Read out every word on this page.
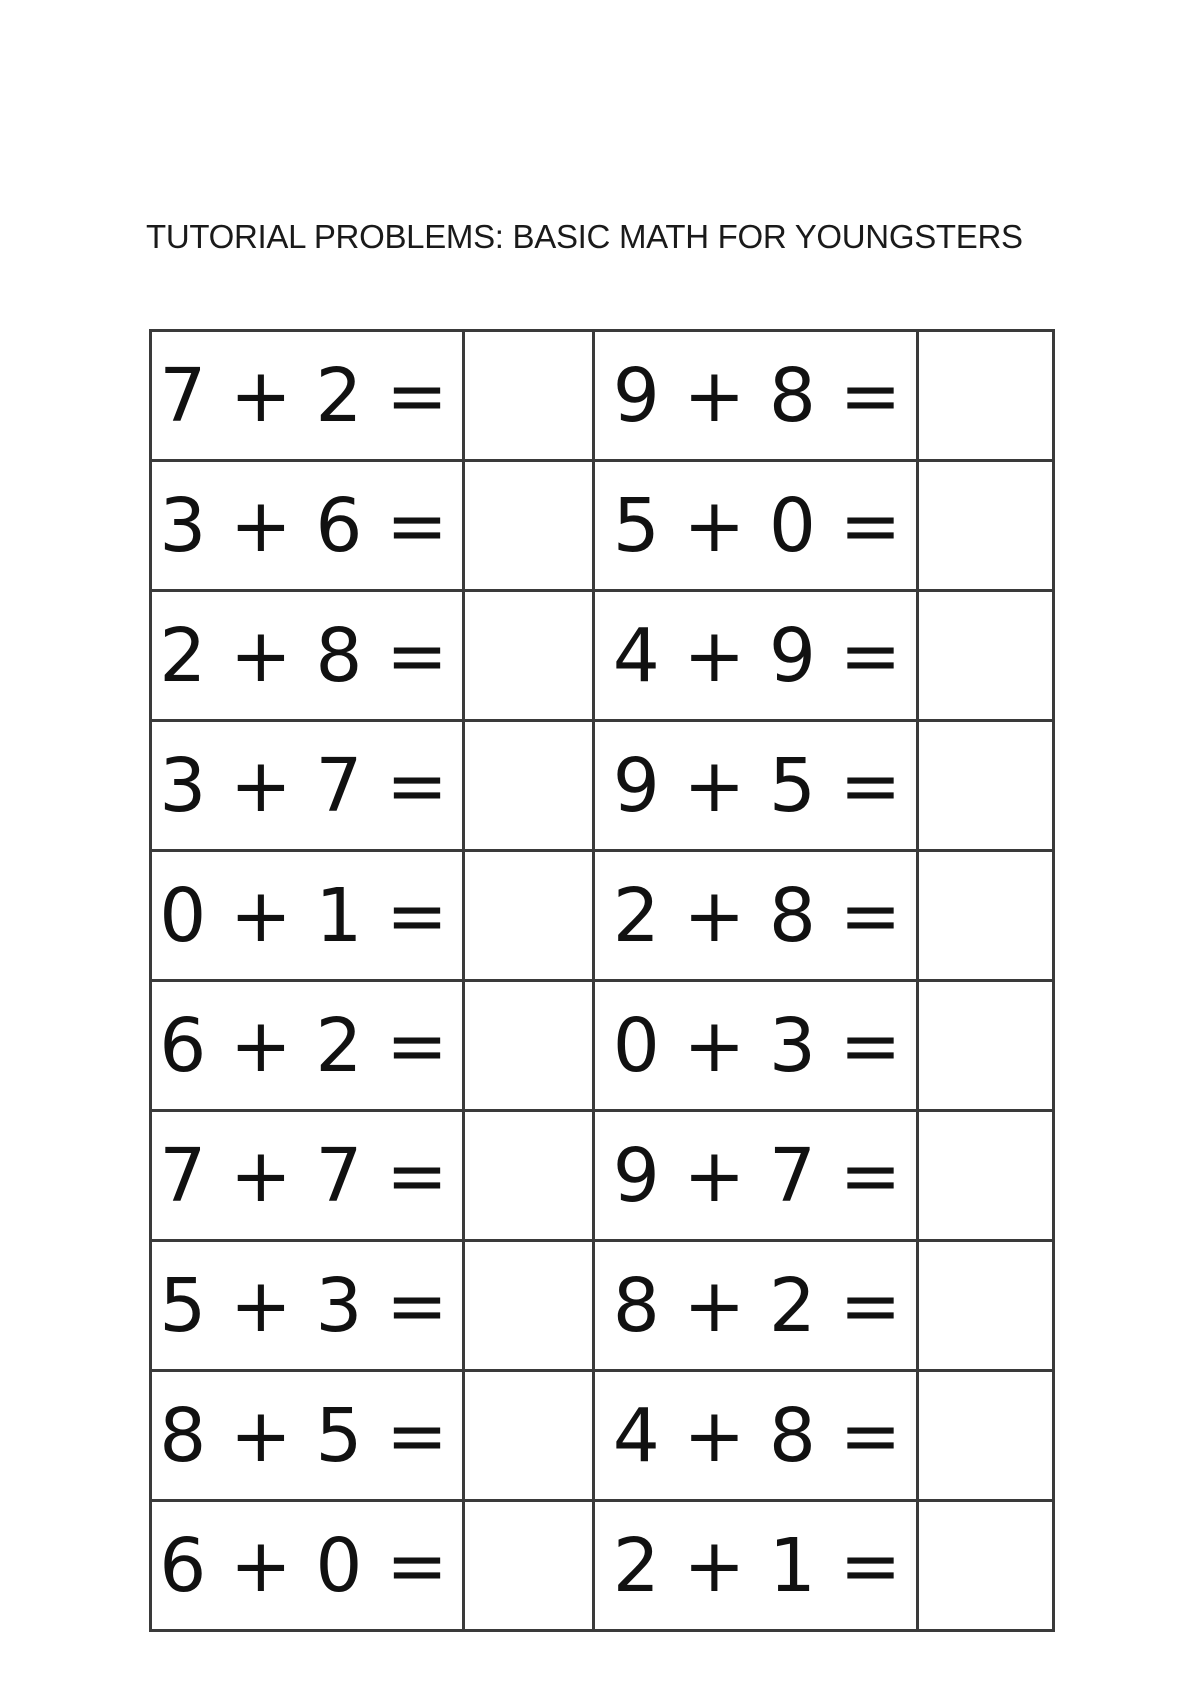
TUTORIAL PROBLEMS: BASIC MATH FOR YOUNGSTERS
7 + 2 =		9 + 8 =	
3 + 6 =		5 + 0 =	
2 + 8 =		4 + 9 =	
3 + 7 =		9 + 5 =	
0 + 1 =		2 + 8 =	
6 + 2 =		0 + 3 =	
7 + 7 =		9 + 7 =	
5 + 3 =		8 + 2 =	
8 + 5 =		4 + 8 =	
6 + 0 =		2 + 1 =	
